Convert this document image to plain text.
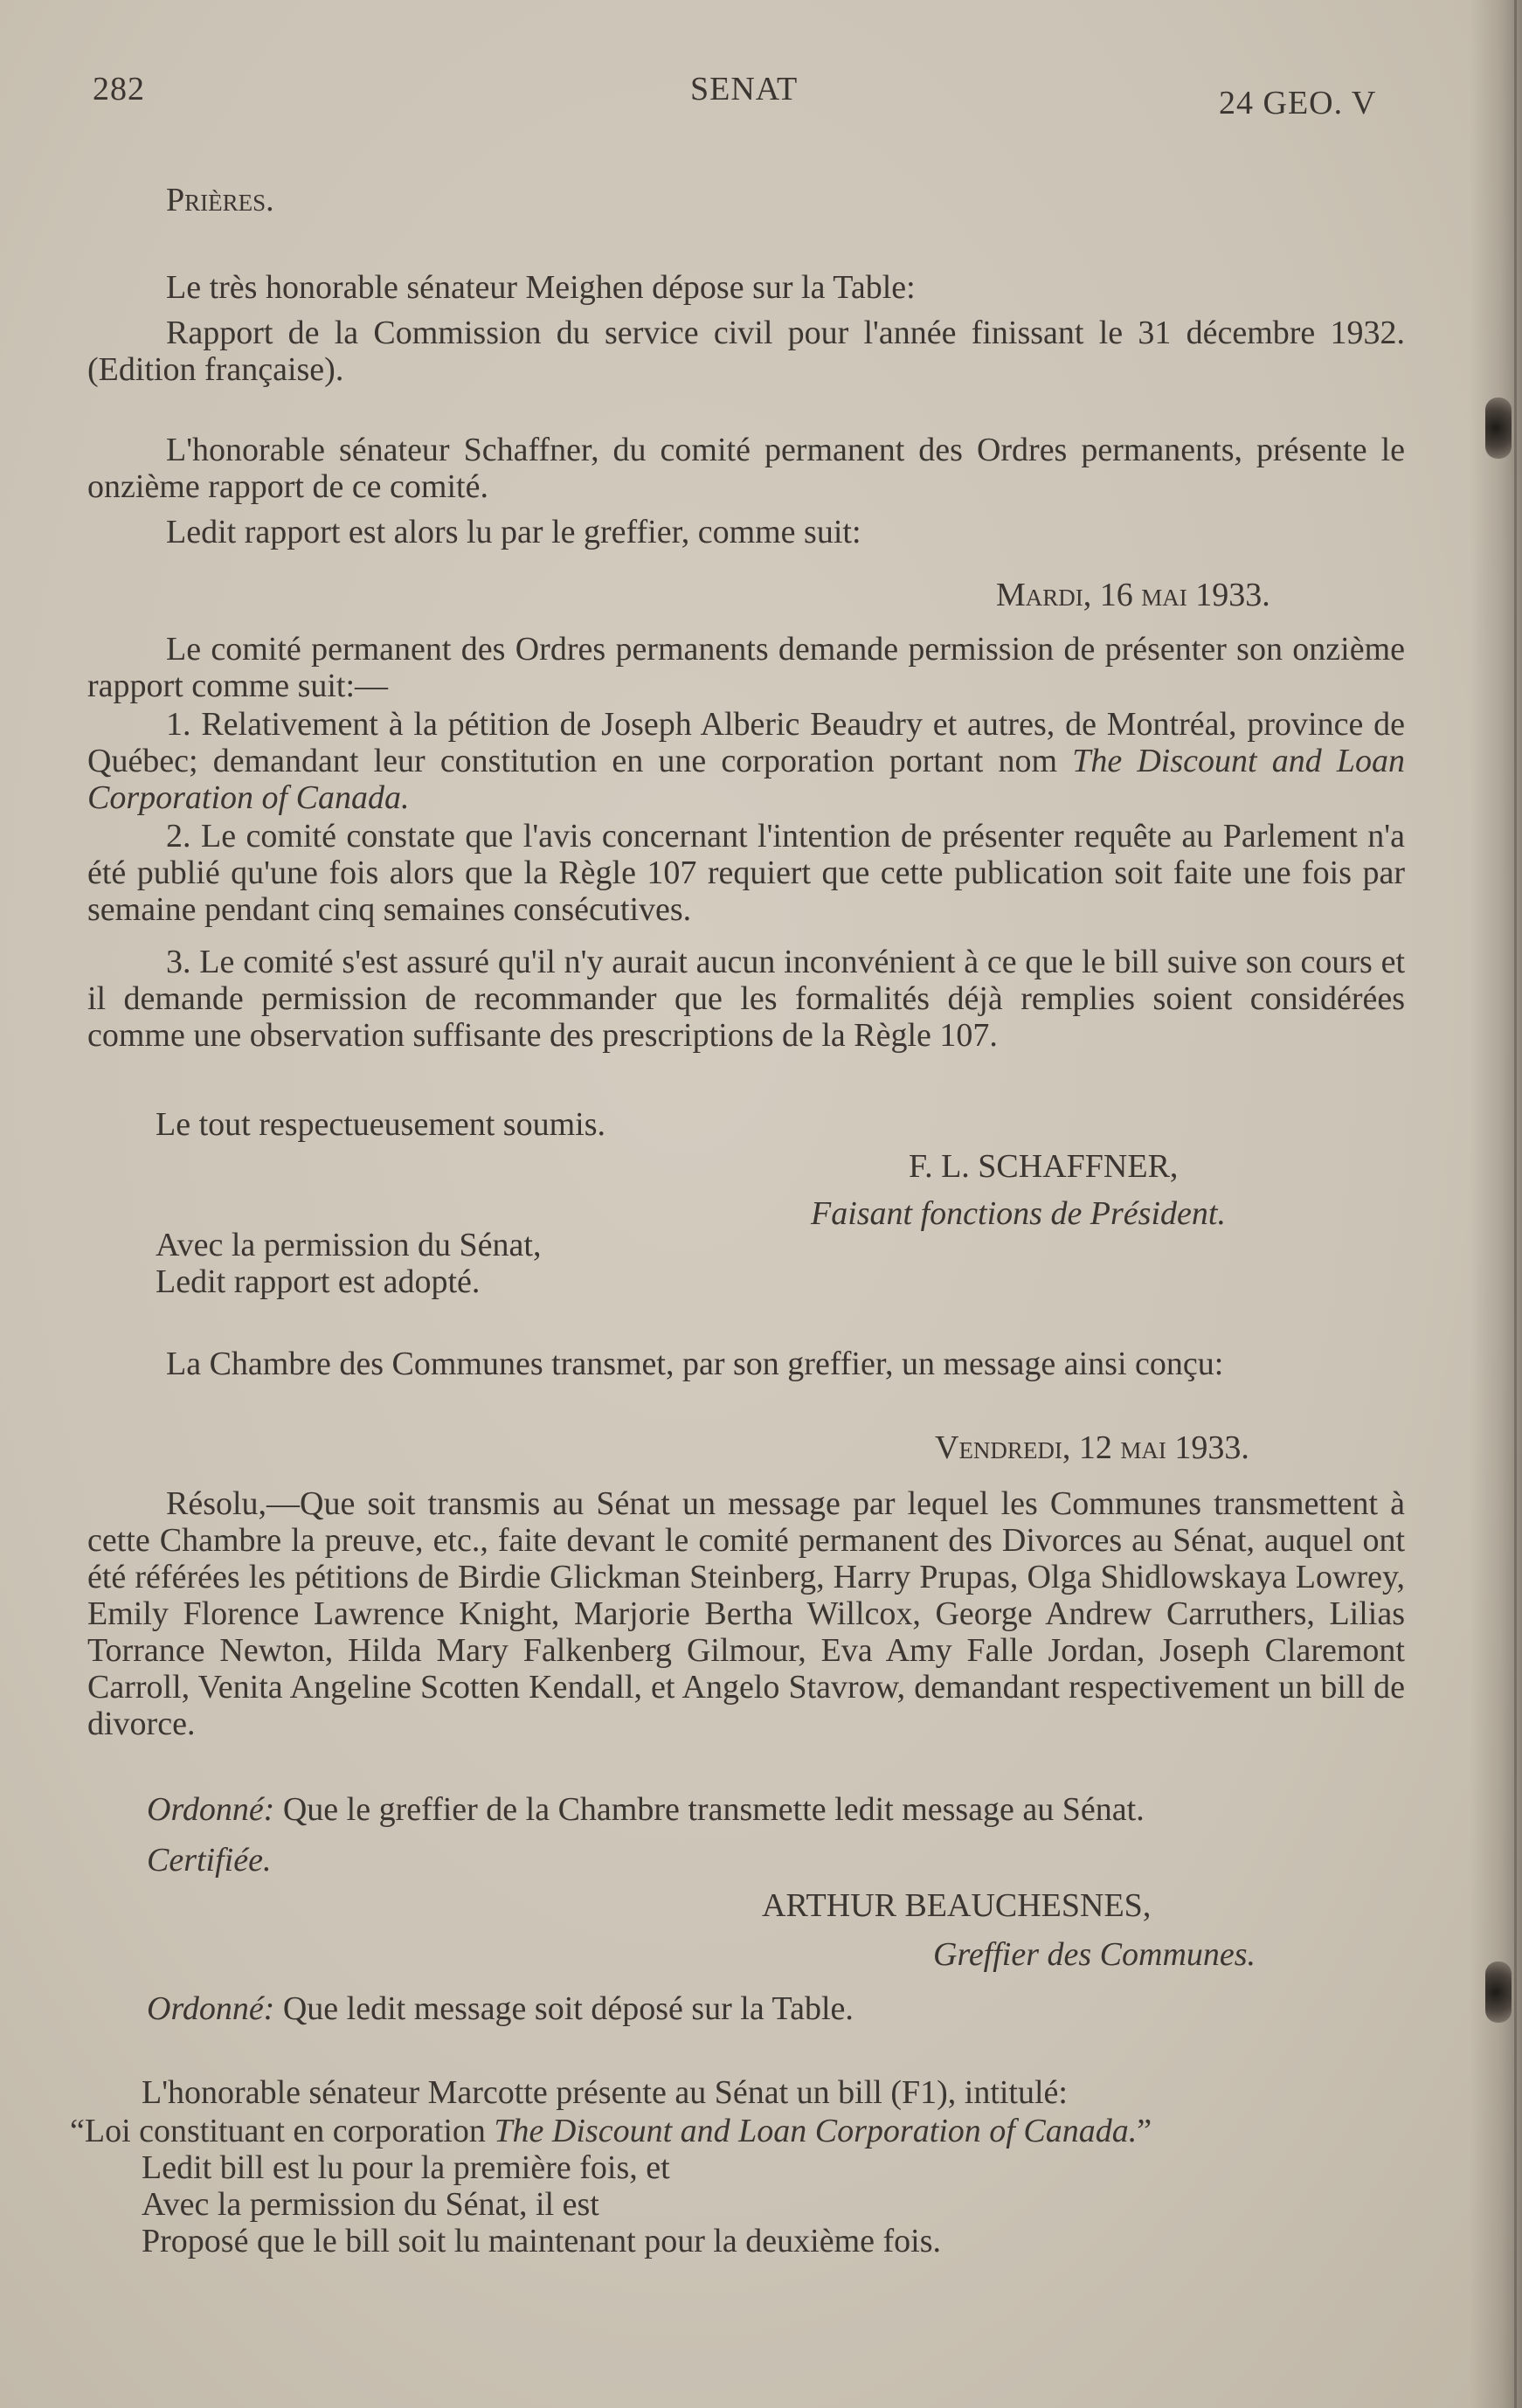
282	SENAT	24 GEO. V
Prières.
Le très honorable sénateur Meighen dépose sur la Table:
Rapport de la Commission du service civil pour l'année finissant le 31 décembre 1932. (Edition française).
L'honorable sénateur Schaffner, du comité permanent des Ordres permanents, présente le onzième rapport de ce comité.
Ledit rapport est alors lu par le greffier, comme suit:
Mardi, 16 mai 1933.
Le comité permanent des Ordres permanents demande permission de présenter son onzième rapport comme suit:—
1. Relativement à la pétition de Joseph Alberic Beaudry et autres, de Montréal, province de Québec; demandant leur constitution en une corporation portant nom The Discount and Loan Corporation of Canada.
2. Le comité constate que l'avis concernant l'intention de présenter requête au Parlement n'a été publié qu'une fois alors que la Règle 107 requiert que cette publication soit faite une fois par semaine pendant cinq semaines consécutives.
3. Le comité s'est assuré qu'il n'y aurait aucun inconvénient à ce que le bill suive son cours et il demande permission de recommander que les formalités déjà remplies soient considérées comme une observation suffisante des prescriptions de la Règle 107.
Le tout respectueusement soumis.
F. L. SCHAFFNER,
Faisant fonctions de Président.
Avec la permission du Sénat,
Ledit rapport est adopté.
La Chambre des Communes transmet, par son greffier, un message ainsi conçu:
Vendredi, 12 mai 1933.
Résolu,—Que soit transmis au Sénat un message par lequel les Communes transmettent à cette Chambre la preuve, etc., faite devant le comité permanent des Divorces au Sénat, auquel ont été référées les pétitions de Birdie Glickman Steinberg, Harry Prupas, Olga Shidlowskaya Lowrey, Emily Florence Lawrence Knight, Marjorie Bertha Willcox, George Andrew Carruthers, Lilias Torrance Newton, Hilda Mary Falkenberg Gilmour, Eva Amy Falle Jordan, Joseph Claremont Carroll, Venita Angeline Scotten Kendall, et Angelo Stavrow, demandant respectivement un bill de divorce.
Ordonné: Que le greffier de la Chambre transmette ledit message au Sénat.
Certifiée.
ARTHUR BEAUCHESNES,
Greffier des Communes.
Ordonné: Que ledit message soit déposé sur la Table.
L'honorable sénateur Marcotte présente au Sénat un bill (F1), intitulé:
“Loi constituant en corporation The Discount and Loan Corporation of Canada.”
Ledit bill est lu pour la première fois, et
Avec la permission du Sénat, il est
Proposé que le bill soit lu maintenant pour la deuxième fois.
